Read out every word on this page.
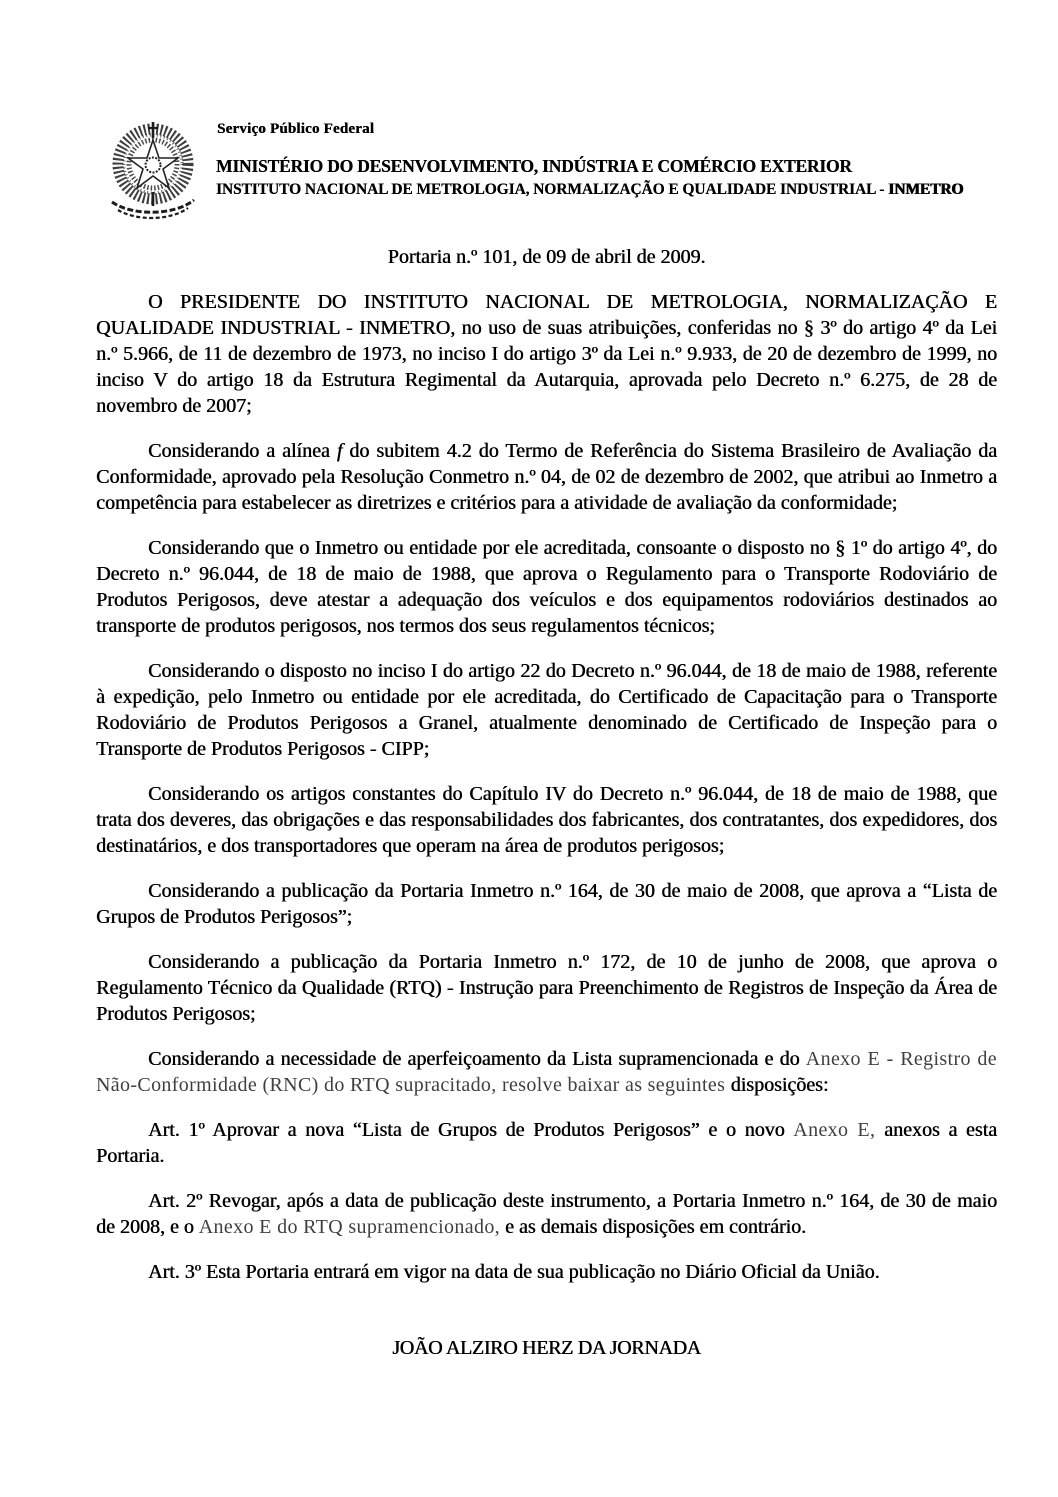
Serviço Público Federal
MINISTÉRIO DO DESENVOLVIMENTO, INDÚSTRIA E COMÉRCIO EXTERIOR
INSTITUTO NACIONAL DE METROLOGIA, NORMALIZAÇÃO E QUALIDADE INDUSTRIAL - INMETRO
Portaria n.º 101, de 09 de abril de 2009.

O PRESIDENTE DO INSTITUTO NACIONAL DE METROLOGIA, NORMALIZAÇÃO E QUALIDADE INDUSTRIAL - INMETRO, no uso de suas atribuições, conferidas no § 3º do artigo 4º da Lei n.º 5.966, de 11 de dezembro de 1973, no inciso I do artigo 3º da Lei n.º 9.933, de 20 de dezembro de 1999, no inciso V do artigo 18 da Estrutura Regimental da Autarquia, aprovada pelo Decreto n.º 6.275, de 28 de novembro de 2007;

Considerando a alínea f do subitem 4.2 do Termo de Referência do Sistema Brasileiro de Avaliação da Conformidade, aprovado pela Resolução Conmetro n.º 04, de 02 de dezembro de 2002, que atribui ao Inmetro a competência para estabelecer as diretrizes e critérios para a atividade de avaliação da conformidade;

Considerando que o Inmetro ou entidade por ele acreditada, consoante o disposto no § 1º do artigo 4º, do Decreto n.º 96.044, de 18 de maio de 1988, que aprova o Regulamento para o Transporte Rodoviário de Produtos Perigosos, deve atestar a adequação dos veículos e dos equipamentos rodoviários destinados ao transporte de produtos perigosos, nos termos dos seus regulamentos técnicos;

Considerando o disposto no inciso I do artigo 22 do Decreto n.º 96.044, de 18 de maio de 1988, referente à expedição, pelo Inmetro ou entidade por ele acreditada, do Certificado de Capacitação para o Transporte Rodoviário de Produtos Perigosos a Granel, atualmente denominado de Certificado de Inspeção para o Transporte de Produtos Perigosos - CIPP;

Considerando os artigos constantes do Capítulo IV do Decreto n.º 96.044, de 18 de maio de 1988, que trata dos deveres, das obrigações e das responsabilidades dos fabricantes, dos contratantes, dos expedidores, dos destinatários, e dos transportadores que operam na área de produtos perigosos;

Considerando a publicação da Portaria Inmetro n.º 164, de 30 de maio de 2008, que aprova a “Lista de Grupos de Produtos Perigosos”;

Considerando a publicação da Portaria Inmetro n.º 172, de 10 de junho de 2008, que aprova o Regulamento Técnico da Qualidade (RTQ) - Instrução para Preenchimento de Registros de Inspeção da Área de Produtos Perigosos;

Considerando a necessidade de aperfeiçoamento da Lista supramencionada e do Anexo E - Registro de Não-Conformidade (RNC) do RTQ supracitado, resolve baixar as seguintes disposições:

Art. 1º Aprovar a nova “Lista de Grupos de Produtos Perigosos” e o novo Anexo E, anexos a esta Portaria.

Art. 2º Revogar, após a data de publicação deste instrumento, a Portaria Inmetro n.º 164, de 30 de maio de 2008, e o Anexo E do RTQ supramencionado, e as demais disposições em contrário.

Art. 3º Esta Portaria entrará em vigor na data de sua publicação no Diário Oficial da União.

JOÃO ALZIRO HERZ DA JORNADA
